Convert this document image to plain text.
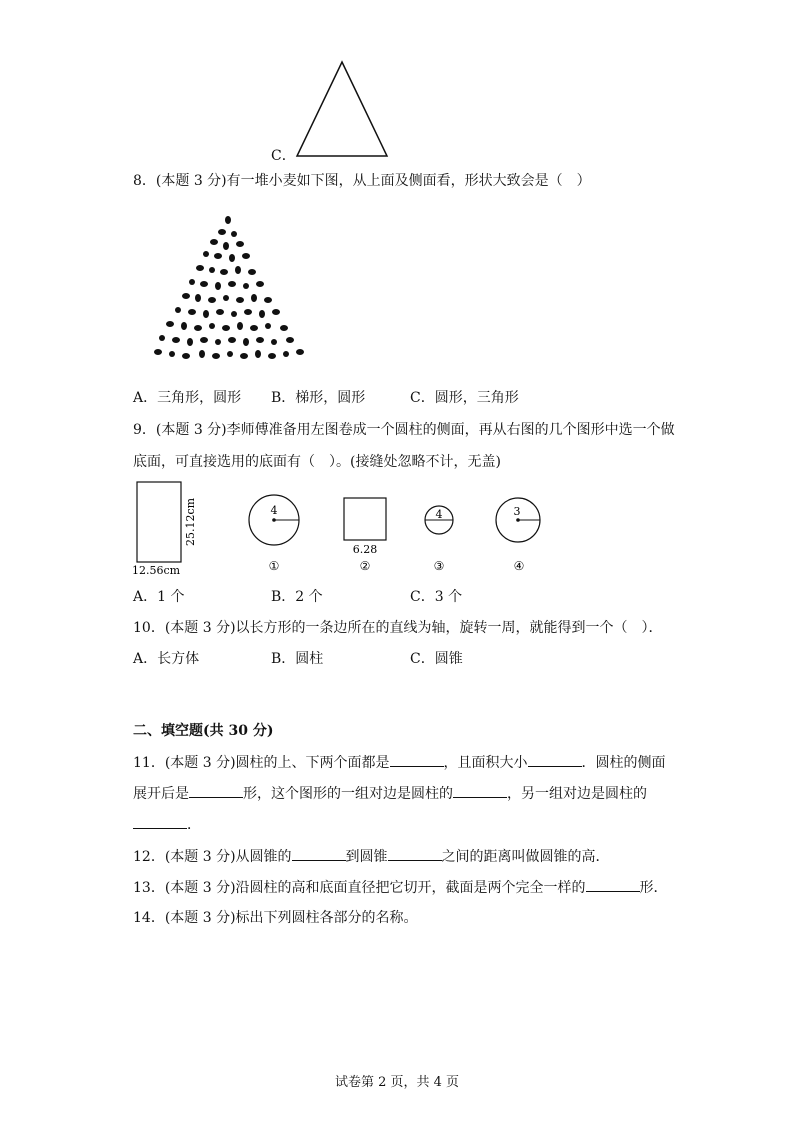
C．
8．(本题 3 分)有一堆小麦如下图，从上面及侧面看，形状大致会是（　）
A．三角形，圆形 B．梯形，圆形	C．圆形，三角形
9．(本题 3 分)李师傅准备用左图卷成一个圆柱的侧面，再从右图的几个图形中选一个做
底面，可直接选用的底面有（　）。(接缝处忽略不计，无盖)
25.12cm
12.56cm
4
①
6.28
②
4
③
3
④
A．1 个	B．2 个	C．3 个
10．(本题 3 分)以长方形的一条边所在的直线为轴，旋转一周，就能得到一个（　）．
A．长方体	B．圆柱	C．圆锥
二、填空题(共 30 分)
11．(本题 3 分)圆柱的上、下两个面都是	，且面积大小	．圆柱的侧面
展开后是	形，这个图形的一组对边是圆柱的	，另一组对边是圆柱的
．
12．(本题 3 分)从圆锥的	到圆锥	之间的距离叫做圆锥的高．
13．(本题 3 分)沿圆柱的高和底面直径把它切开，截面是两个完全一样的	形．
14．(本题 3 分)标出下列圆柱各部分的名称。
试卷第 2 页，共 4 页
